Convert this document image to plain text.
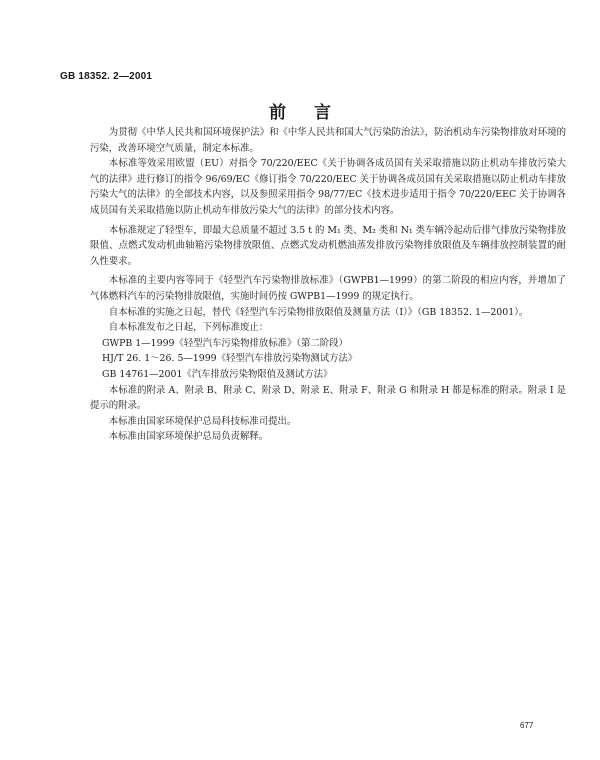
GB 18352. 2—2001
前言

为贯彻《中华人民共和国环境保护法》和《中华人民共和国大气污染防治法》，防治机动车污染物排放对环境的污染，改善环境空气质量，制定本标准。

本标准等效采用欧盟（EU）对指令 70/220/EEC《关于协调各成员国有关采取措施以防止机动车排放污染大气的法律》进行修订的指令 96/69/EC《修订指令 70/220/EEC 关于协调各成员国有关采取措施以防止机动车排放污染大气的法律》的全部技术内容，以及参照采用指令 98/77/EC《技术进步适用于指令 70/220/EEC 关于协调各成员国有关采取措施以防止机动车排放污染大气的法律》的部分技术内容。

本标准规定了轻型车，即最大总质量不超过 3.5 t 的 M₁ 类、M₂ 类和 N₁ 类车辆冷起动后排气排放污染物排放限值、点燃式发动机曲轴箱污染物排放限值、点燃式发动机燃油蒸发排放污染物排放限值及车辆排放控制装置的耐久性要求。

本标准的主要内容等同于《轻型汽车污染物排放标准》（GWPB1—1999）的第二阶段的相应内容，并增加了气体燃料汽车的污染物排放限值，实施时间仍按 GWPB1—1999 的规定执行。

自本标准的实施之日起，替代《轻型汽车污染物排放限值及测量方法（Ⅰ）》（GB 18352. 1—2001）。

自本标准发布之日起，下列标准废止：

GWPB 1—1999《轻型汽车污染物排放标准》（第二阶段）

HJ/T 26. 1～26. 5—1999《轻型汽车排放污染物测试方法》

GB 14761—2001《汽车排放污染物限值及测试方法》

本标准的附录 A、附录 B、附录 C、附录 D、附录 E、附录 F、附录 G 和附录 H 都是标准的附录。附录 I 是提示的附录。

本标准由国家环境保护总局科技标准司提出。

本标准由国家环境保护总局负责解释。

677
